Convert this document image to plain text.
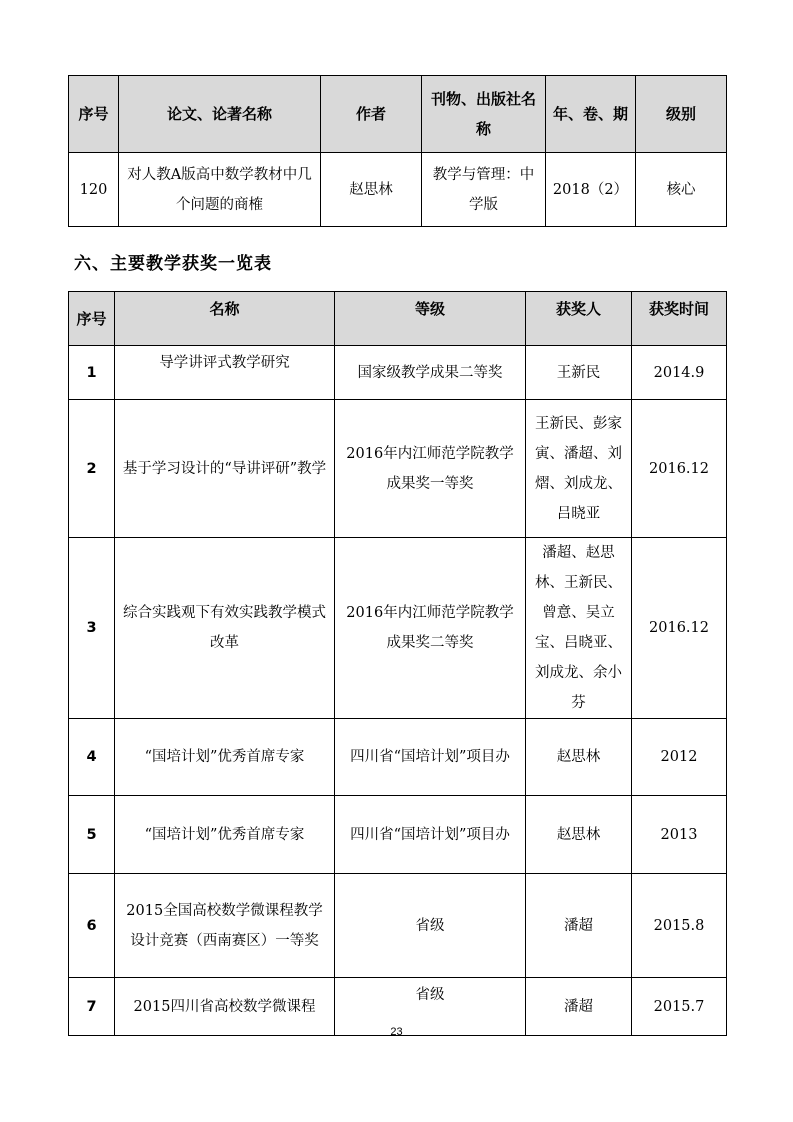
序号	论文、论著名称	作者	刊物、出版社名称	年、卷、期	级别
120	对人教A版高中数学教材中几个问题的商榷	赵思林	教学与管理：中学版	2018（2）	核心
六、主要教学获奖一览表
序号	名称	等级	获奖人	获奖时间
1	导学讲评式教学研究	国家级教学成果二等奖	王新民	2014.9
2	基于学习设计的“导讲评研”教学	2016年内江师范学院教学成果奖一等奖	王新民、彭家寅、潘超、刘熠、刘成龙、吕晓亚	2016.12
3	综合实践观下有效实践教学模式改革	2016年内江师范学院教学成果奖二等奖	潘超、赵思林、王新民、曾意、吴立宝、吕晓亚、刘成龙、余小芬	2016.12
4	“国培计划”优秀首席专家	四川省“国培计划”项目办	赵思林	2012
5	“国培计划”优秀首席专家	四川省“国培计划”项目办	赵思林	2013
6	2015全国高校数学微课程教学设计竞赛（西南赛区）一等奖	省级	潘超	2015.8
7	2015四川省高校数学微课程	省级	潘超	2015.7
23
